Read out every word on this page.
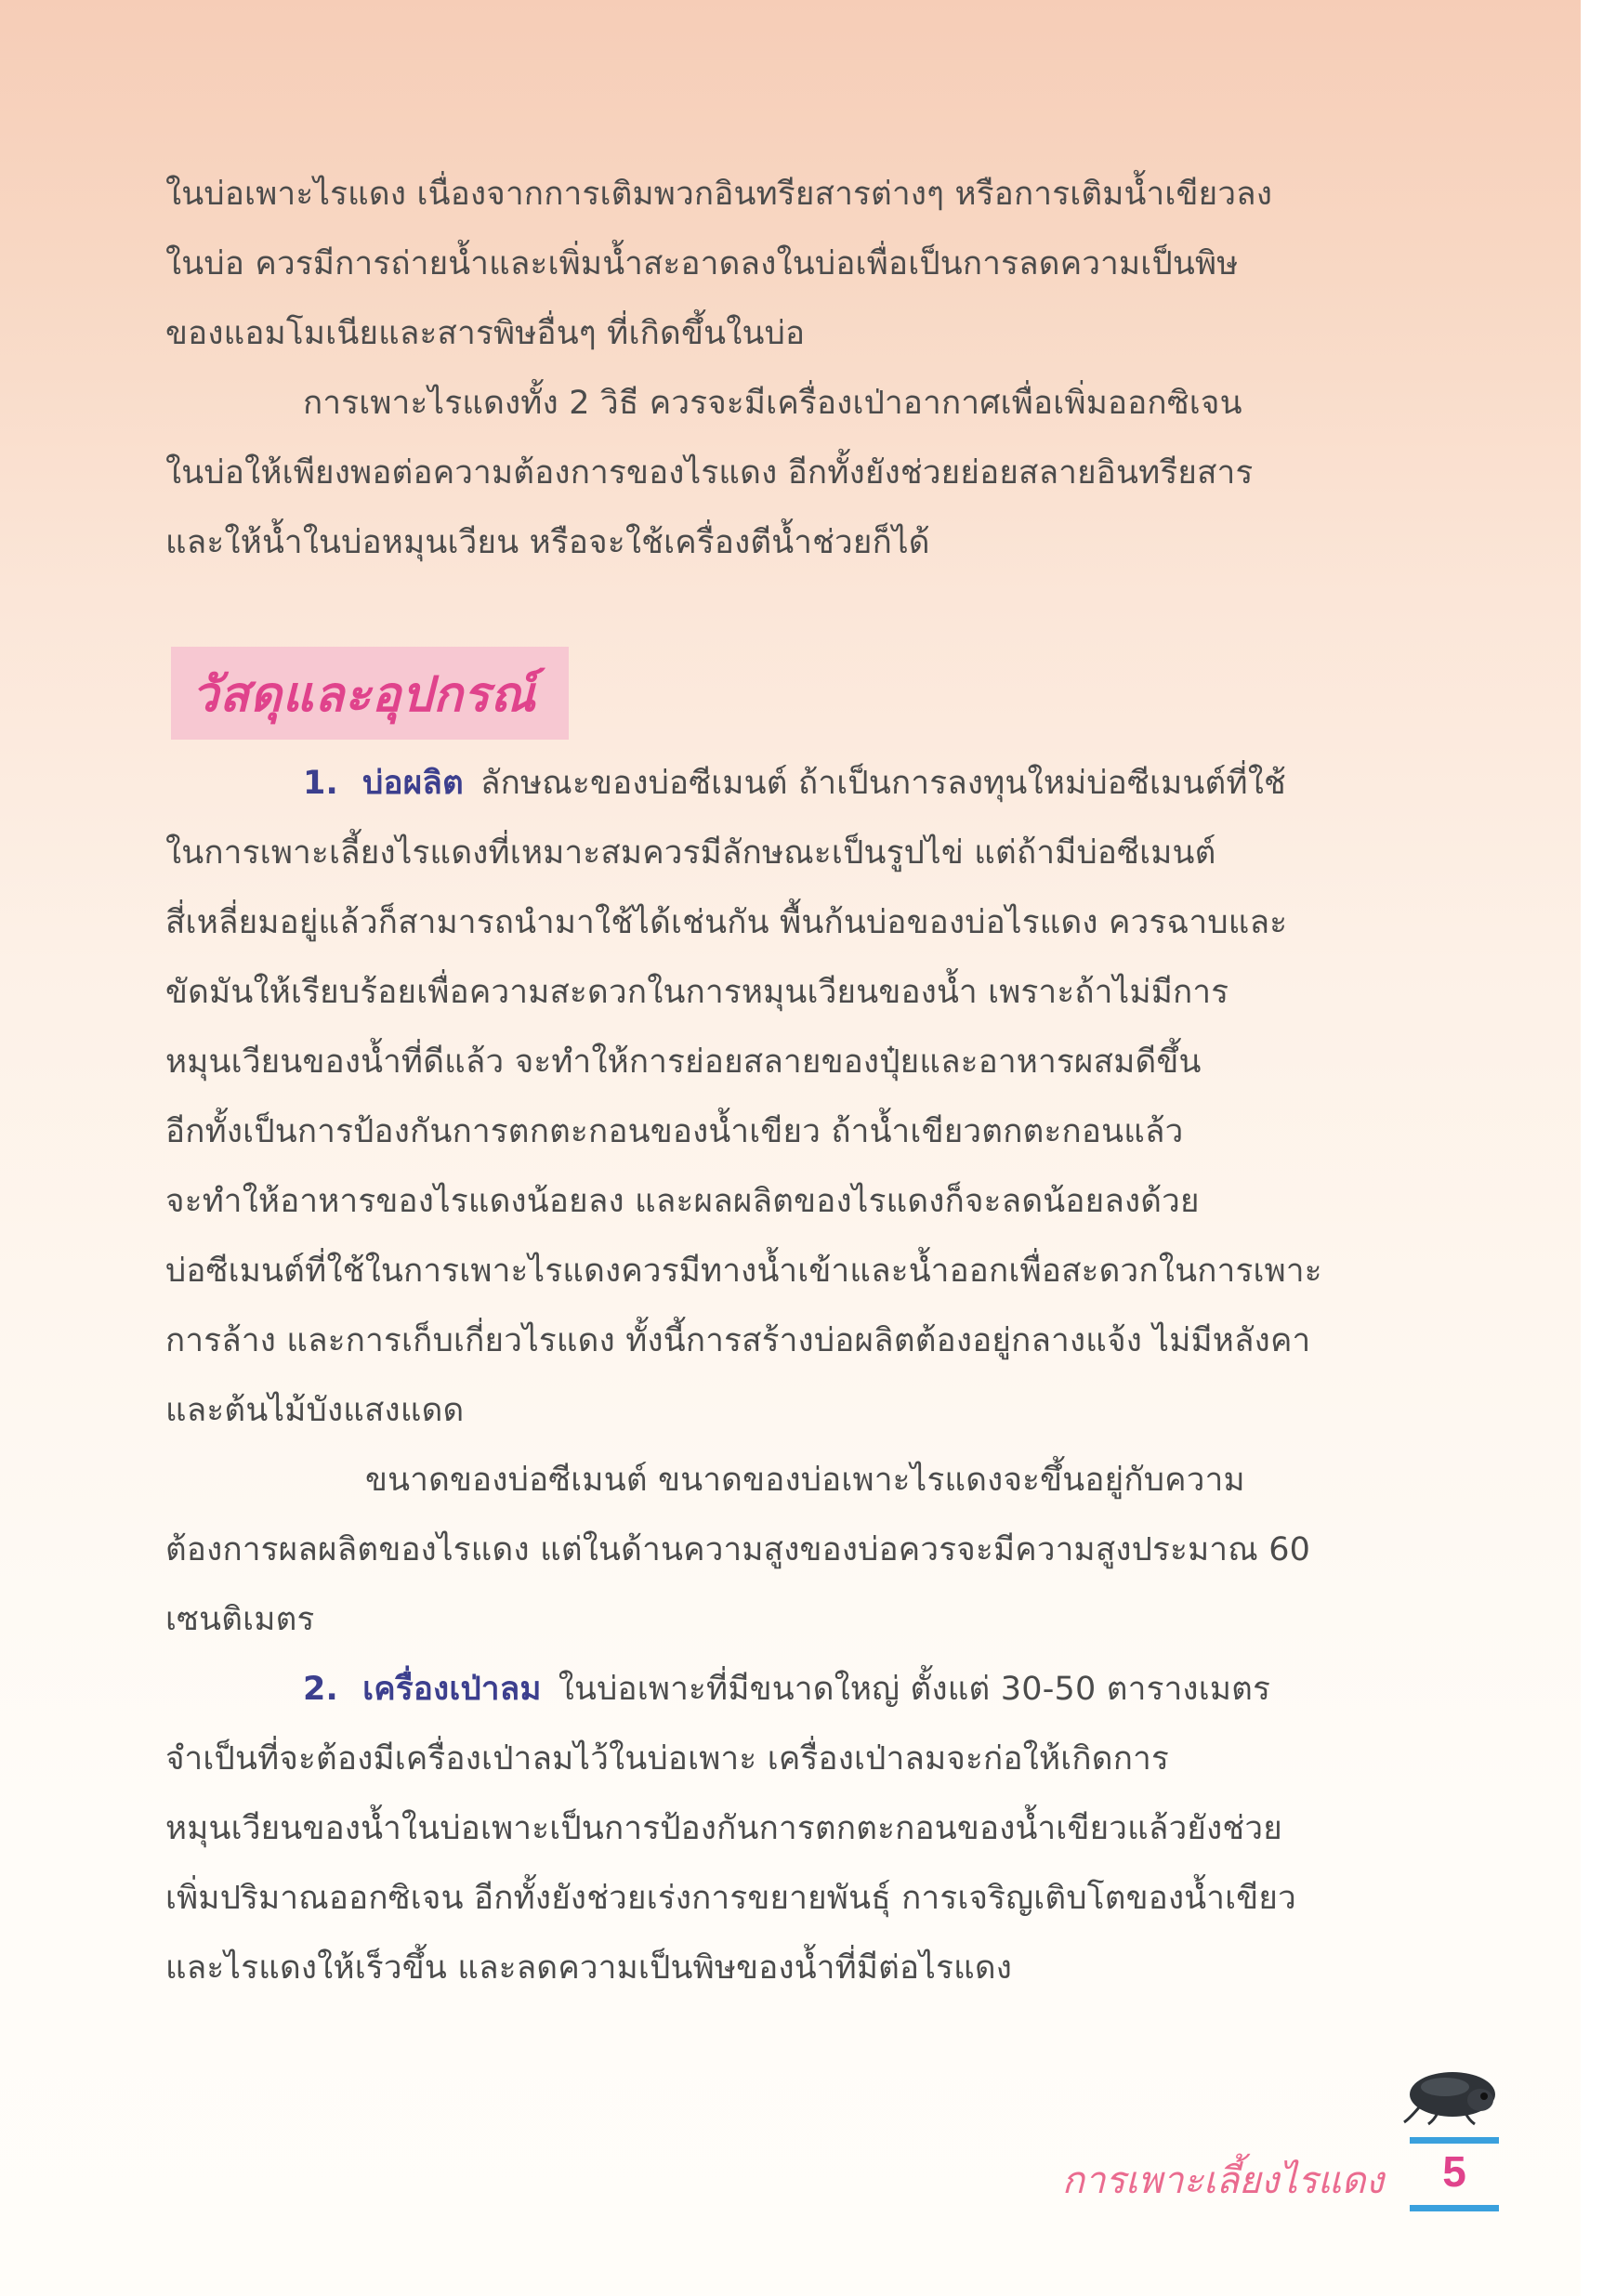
ในบ่อเพาะไรแดง เนื่องจากการเติมพวกอินทรียสารต่างๆ หรือการเติมน้ำเขียวลง
ในบ่อ ควรมีการถ่ายน้ำและเพิ่มน้ำสะอาดลงในบ่อเพื่อเป็นการลดความเป็นพิษ
ของแอมโมเนียและสารพิษอื่นๆ ที่เกิดขึ้นในบ่อ
การเพาะไรแดงทั้ง 2 วิธี ควรจะมีเครื่องเป่าอากาศเพื่อเพิ่มออกซิเจน
ในบ่อให้เพียงพอต่อความต้องการของไรแดง อีกทั้งยังช่วยย่อยสลายอินทรียสาร
และให้น้ำในบ่อหมุนเวียน หรือจะใช้เครื่องตีน้ำช่วยก็ได้
วัสดุและอุปกรณ์
1. บ่อผลิต ลักษณะของบ่อซีเมนต์ ถ้าเป็นการลงทุนใหม่บ่อซีเมนต์ที่ใช้
ในการเพาะเลี้ยงไรแดงที่เหมาะสมควรมีลักษณะเป็นรูปไข่ แต่ถ้ามีบ่อซีเมนต์
สี่เหลี่ยมอยู่แล้วก็สามารถนำมาใช้ได้เช่นกัน พื้นก้นบ่อของบ่อไรแดง ควรฉาบและ
ขัดมันให้เรียบร้อยเพื่อความสะดวกในการหมุนเวียนของน้ำ เพราะถ้าไม่มีการ
หมุนเวียนของน้ำที่ดีแล้ว จะทำให้การย่อยสลายของปุ๋ยและอาหารผสมดีขึ้น
อีกทั้งเป็นการป้องกันการตกตะกอนของน้ำเขียว ถ้าน้ำเขียวตกตะกอนแล้ว
จะทำให้อาหารของไรแดงน้อยลง และผลผลิตของไรแดงก็จะลดน้อยลงด้วย
บ่อซีเมนต์ที่ใช้ในการเพาะไรแดงควรมีทางน้ำเข้าและน้ำออกเพื่อสะดวกในการเพาะ
การล้าง และการเก็บเกี่ยวไรแดง ทั้งนี้การสร้างบ่อผลิตต้องอยู่กลางแจ้ง ไม่มีหลังคา
และต้นไม้บังแสงแดด
ขนาดของบ่อซีเมนต์ ขนาดของบ่อเพาะไรแดงจะขึ้นอยู่กับความ
ต้องการผลผลิตของไรแดง แต่ในด้านความสูงของบ่อควรจะมีความสูงประมาณ 60
เซนติเมตร
2. เครื่องเป่าลม ในบ่อเพาะที่มีขนาดใหญ่ ตั้งแต่ 30-50 ตารางเมตร
จำเป็นที่จะต้องมีเครื่องเป่าลมไว้ในบ่อเพาะ เครื่องเป่าลมจะก่อให้เกิดการ
หมุนเวียนของน้ำในบ่อเพาะเป็นการป้องกันการตกตะกอนของน้ำเขียวแล้วยังช่วย
เพิ่มปริมาณออกซิเจน อีกทั้งยังช่วยเร่งการขยายพันธุ์ การเจริญเติบโตของน้ำเขียว
และไรแดงให้เร็วขึ้น และลดความเป็นพิษของน้ำที่มีต่อไรแดง
การเพาะเลี้ยงไรแดง	5
